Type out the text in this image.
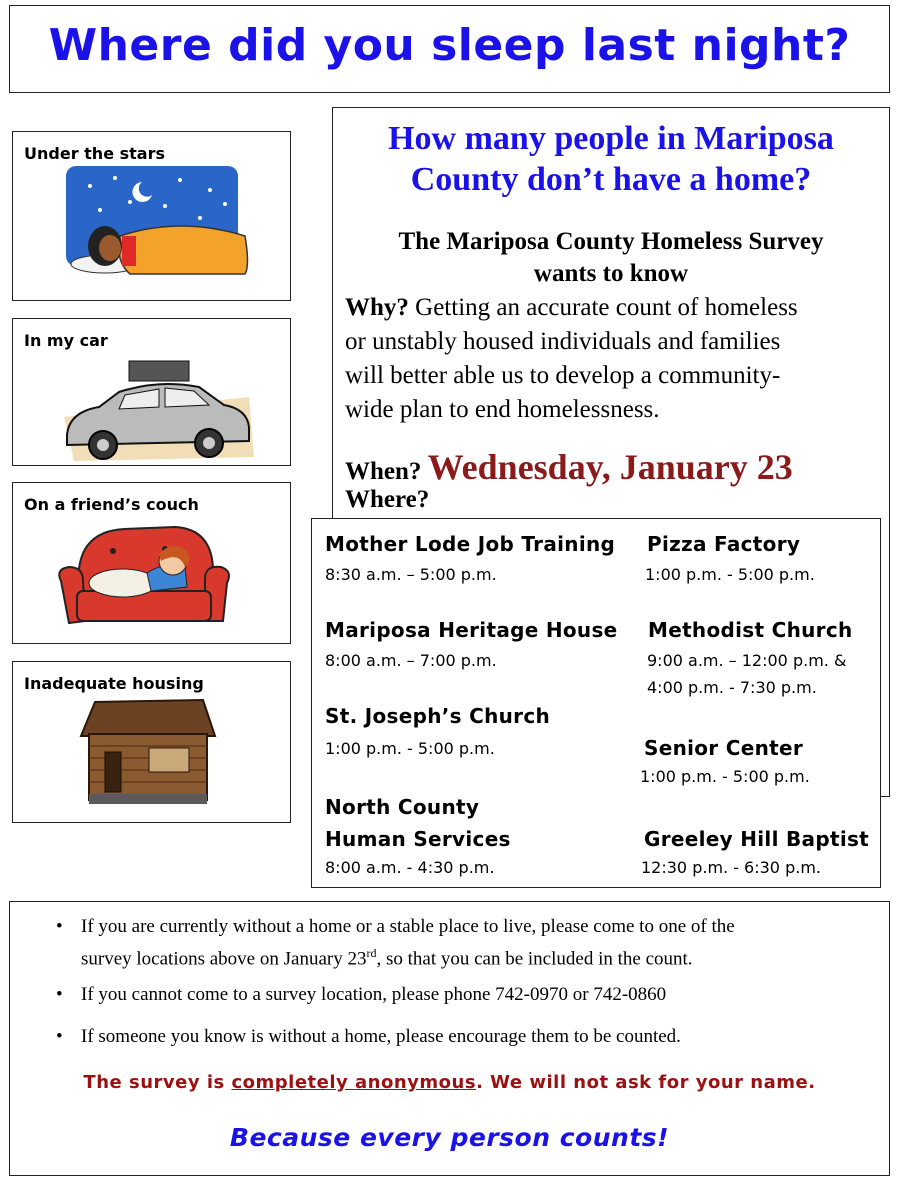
Where did you sleep last night?
Under the stars
In my car
On a friend’s couch
Inadequate housing
How many people in Mariposa
County don’t have a home?
The Mariposa County Homeless Survey
wants to know
Why? Getting an accurate count of homeless
or unstably housed individuals and families
will better able us to develop a community-
wide plan to end homelessness.
When? Wednesday, January 23
Where?
Mother Lode Job Training
8:30 a.m. – 5:00 p.m.
Pizza Factory
1:00 p.m. - 5:00 p.m.
Mariposa Heritage House
8:00 a.m. – 7:00 p.m.
Methodist Church
9:00 a.m. – 12:00 p.m. &
4:00 p.m. - 7:30 p.m.
St. Joseph’s Church
1:00 p.m. - 5:00 p.m.	Senior Center
1:00 p.m. - 5:00 p.m.
North County
Human Services
8:00 a.m. - 4:30 p.m.
Greeley Hill Baptist
12:30 p.m. - 6:30 p.m.
• If you are currently without a home or a stable place to live, please come to one of the
survey locations above on January 23rd, so that you can be included in the count.
• If you cannot come to a survey location, please phone 742-0970 or 742-0860
• If someone you know is without a home, please encourage them to be counted.
The survey is completely anonymous. We will not ask for your name.
Because every person counts!
